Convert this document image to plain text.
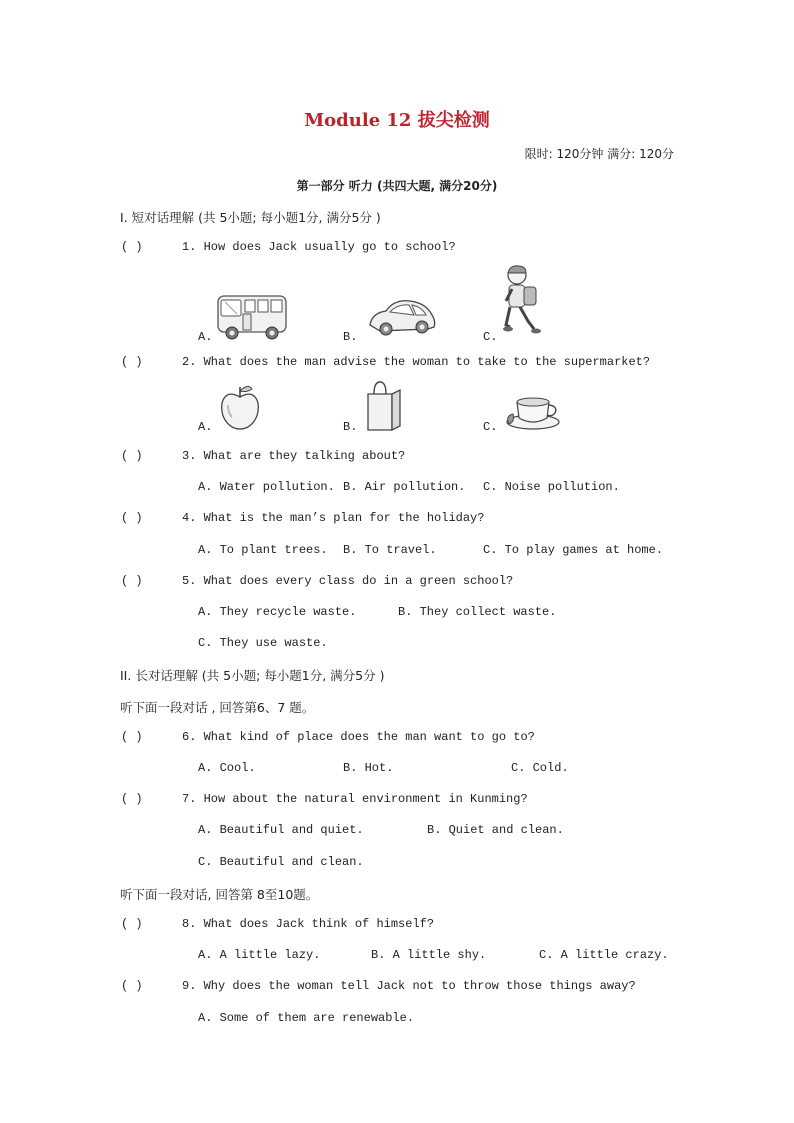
Module 12 拔尖检测
限时: 120分钟 满分: 120分
第一部分 听力 (共四大题, 满分20分)
I. 短对话理解 (共 5小题; 每小题1分, 满分5分 )
( )	1. How does Jack usually go to school?
A.	B.	C.
( )	2. What does the man advise the woman to take to the supermarket?
A.	B.	C.
( )	3. What are they talking about?
A. Water pollution. B. Air pollution. C. Noise pollution.
( )	4. What is the man’s plan for the holiday?
A. To plant trees. B. To travel.	C. To play games at home.
( )	5. What does every class do in a green school?
A. They recycle waste.	B. They collect waste.
C. They use waste.
II. 长对话理解 (共 5小题; 每小题1分, 满分5分 )
听下面一段对话 , 回答第6、7 题。
( )	6. What kind of place does the man want to go to?
A. Cool.	B. Hot.	C. Cold.
( )	7. How about the natural environment in Kunming?
A. Beautiful and quiet.	B. Quiet and clean.
C. Beautiful and clean.
听下面一段对话, 回答第 8至10题。
( )	8. What does Jack think of himself?
A. A little lazy.	B. A little shy.	C. A little crazy.
( )	9. Why does the woman tell Jack not to throw those things away?
A. Some of them are renewable.
